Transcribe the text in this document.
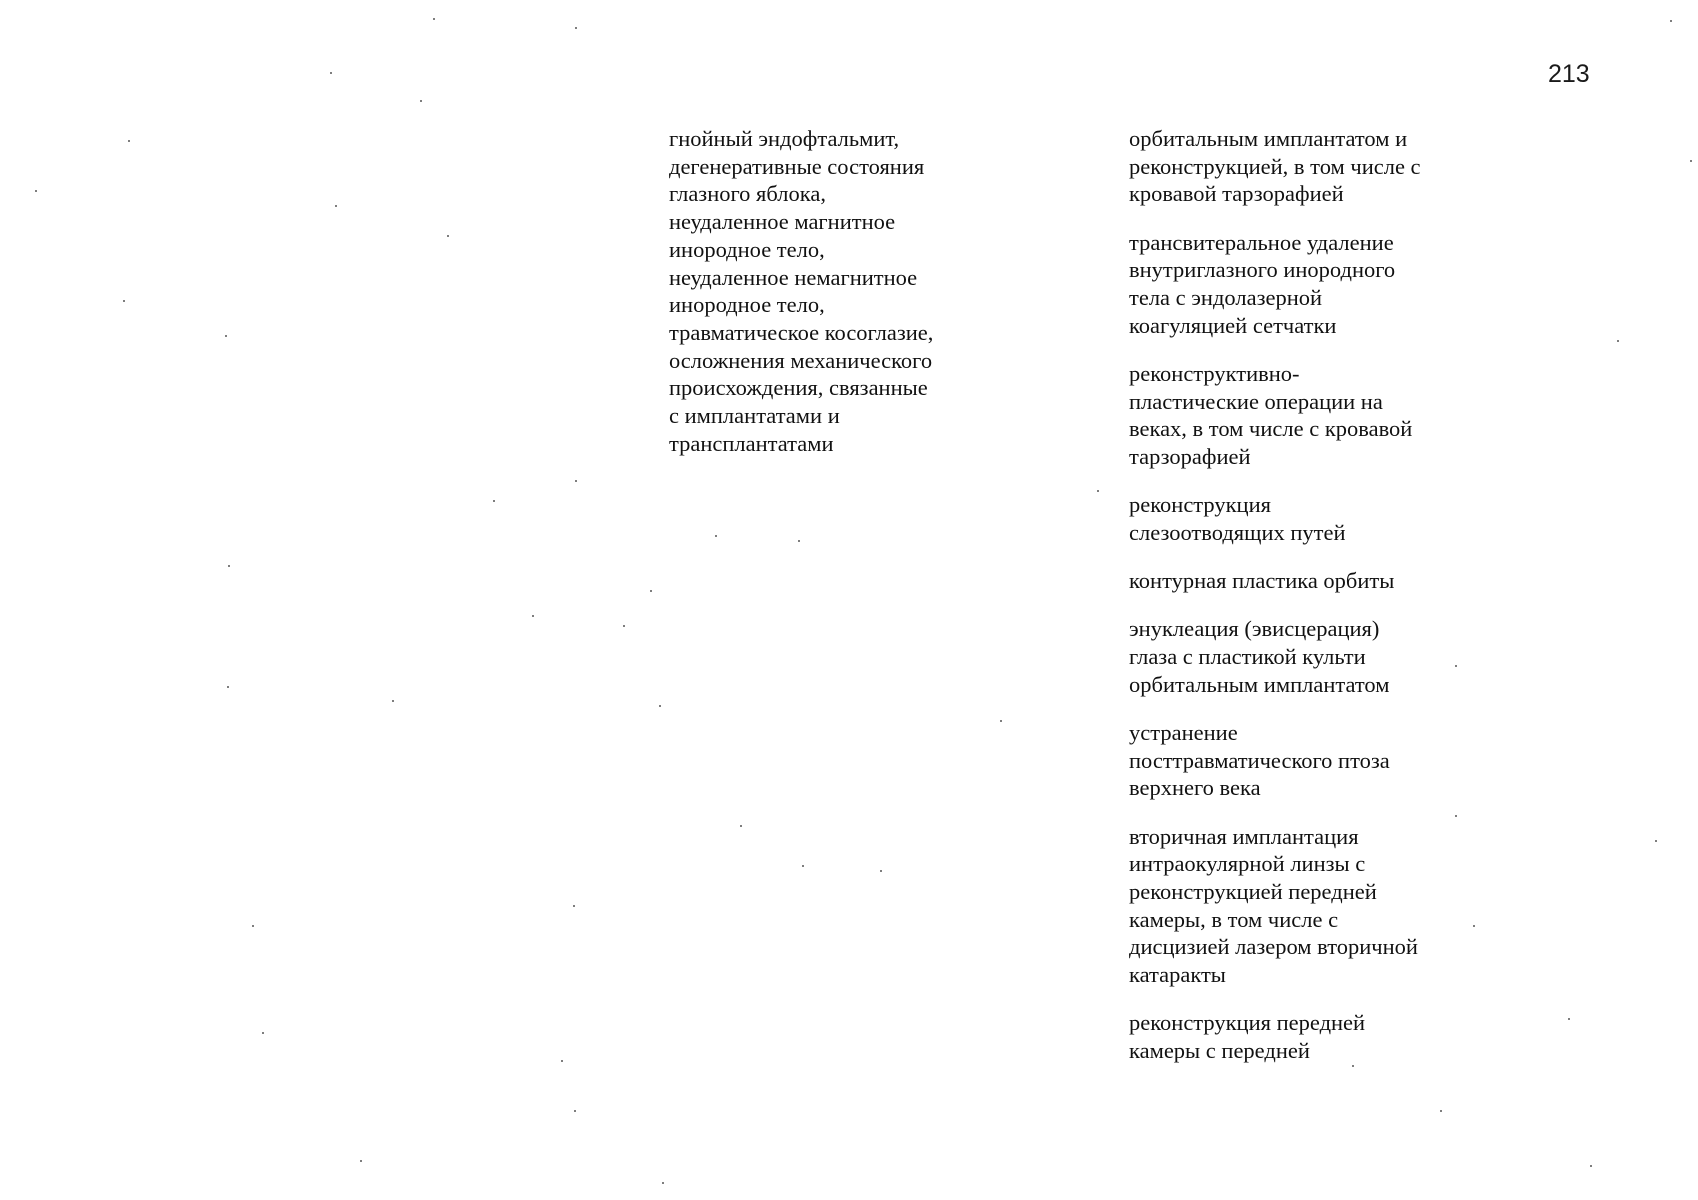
213
гнойный эндофтальмит,
дегенеративные состояния
глазного яблока,
неудаленное магнитное
инородное тело,
неудаленное немагнитное
инородное тело,
травматическое косоглазие,
осложнения механического
происхождения, связанные
с имплантатами и
трансплантатами
орбитальным имплантатом и
реконструкцией, в том числе с
кровавой тарзорафией
трансвитеральное удаление
внутриглазного инородного
тела с эндолазерной
коагуляцией сетчатки
реконструктивно-
пластические операции на
веках, в том числе с кровавой
тарзорафией
реконструкция
слезоотводящих путей
контурная пластика орбиты
энуклеация (эвисцерация)
глаза с пластикой культи
орбитальным имплантатом
устранение
посттравматического птоза
верхнего века
вторичная имплантация
интраокулярной линзы с
реконструкцией передней
камеры, в том числе с
дисцизией лазером вторичной
катаракты
реконструкция передней
камеры с передней
